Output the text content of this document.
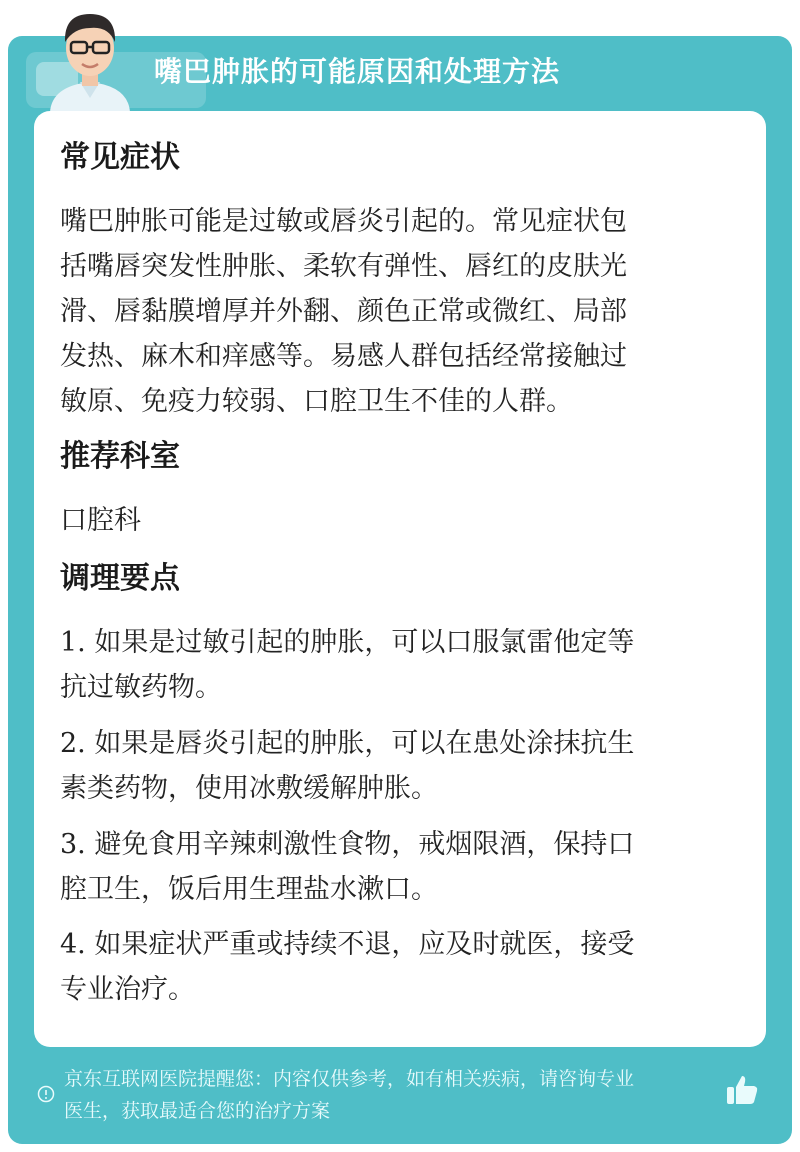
嘴巴肿胀的可能原因和处理方法
常见症状
嘴巴肿胀可能是过敏或唇炎引起的。常见症状包
括嘴唇突发性肿胀、柔软有弹性、唇红的皮肤光
滑、唇黏膜增厚并外翻、颜色正常或微红、局部
发热、麻木和痒感等。易感人群包括经常接触过
敏原、免疫力较弱、口腔卫生不佳的人群。
推荐科室
口腔科
调理要点
1. 如果是过敏引起的肿胀，可以口服氯雷他定等
抗过敏药物。
2. 如果是唇炎引起的肿胀，可以在患处涂抹抗生
素类药物，使用冰敷缓解肿胀。
3. 避免食用辛辣刺激性食物，戒烟限酒，保持口
腔卫生，饭后用生理盐水漱口。
4. 如果症状严重或持续不退，应及时就医，接受
专业治疗。
京东互联网医院提醒您：内容仅供参考，如有相关疾病，请咨询专业
医生，获取最适合您的治疗方案
